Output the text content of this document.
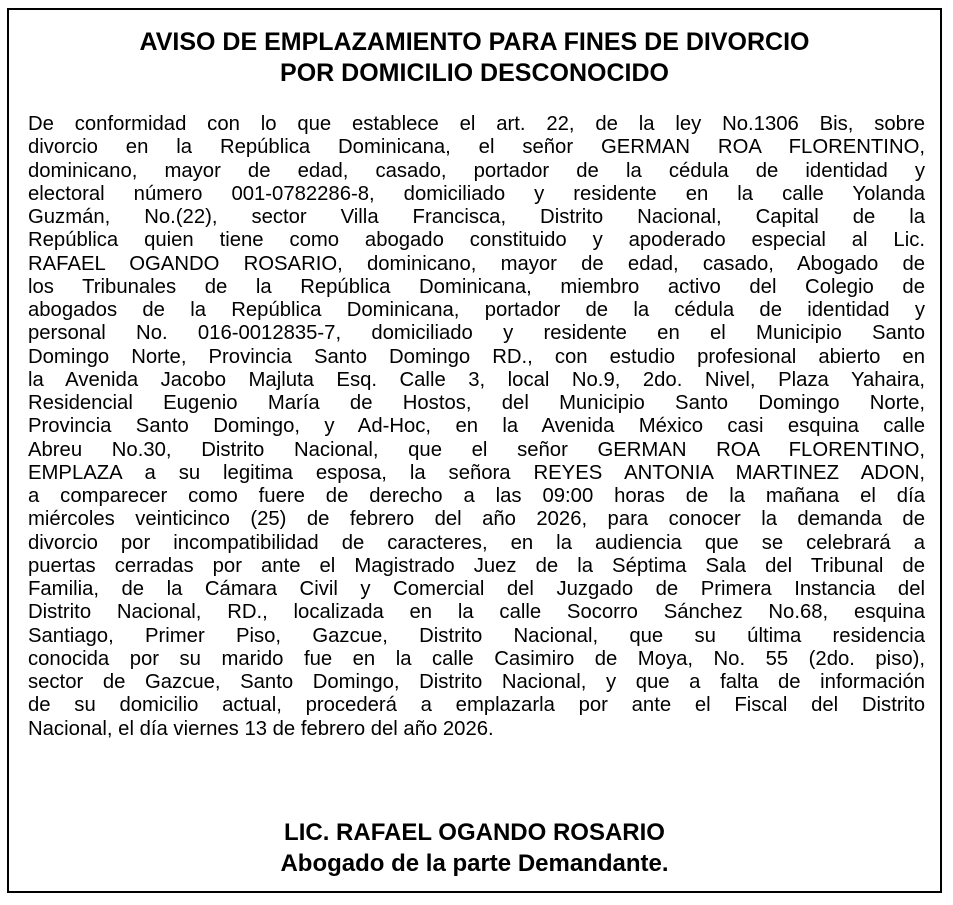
AVISO DE EMPLAZAMIENTO PARA FINES DE DIVORCIO
POR DOMICILIO DESCONOCIDO
De conformidad con lo que establece el art. 22, de la ley No.1306 Bis, sobre
divorcio en la República Dominicana, el señor GERMAN ROA FLORENTINO,
dominicano, mayor de edad, casado, portador de la cédula de identidad y
electoral número 001-0782286-8, domiciliado y residente en la calle Yolanda
Guzmán, No.(22), sector Villa Francisca, Distrito Nacional, Capital de la
República quien tiene como abogado constituido y apoderado especial al Lic.
RAFAEL OGANDO ROSARIO, dominicano, mayor de edad, casado, Abogado de
los Tribunales de la República Dominicana, miembro activo del Colegio de
abogados de la República Dominicana, portador de la cédula de identidad y
personal No. 016-0012835-7, domiciliado y residente en el Municipio Santo
Domingo Norte, Provincia Santo Domingo RD., con estudio profesional abierto en
la Avenida Jacobo Majluta Esq. Calle 3, local No.9, 2do. Nivel, Plaza Yahaira,
Residencial Eugenio María de Hostos, del Municipio Santo Domingo Norte,
Provincia Santo Domingo, y Ad-Hoc, en la Avenida México casi esquina calle
Abreu No.30, Distrito Nacional, que el señor GERMAN ROA FLORENTINO,
EMPLAZA a su legitima esposa, la señora REYES ANTONIA MARTINEZ ADON,
a comparecer como fuere de derecho a las 09:00 horas de la mañana el día
miércoles veinticinco (25) de febrero del año 2026, para conocer la demanda de
divorcio por incompatibilidad de caracteres, en la audiencia que se celebrará a
puertas cerradas por ante el Magistrado Juez de la Séptima Sala del Tribunal de
Familia, de la Cámara Civil y Comercial del Juzgado de Primera Instancia del
Distrito Nacional, RD., localizada en la calle Socorro Sánchez No.68, esquina
Santiago, Primer Piso, Gazcue, Distrito Nacional, que su última residencia
conocida por su marido fue en la calle Casimiro de Moya, No. 55 (2do. piso),
sector de Gazcue, Santo Domingo, Distrito Nacional, y que a falta de información
de su domicilio actual, procederá a emplazarla por ante el Fiscal del Distrito
Nacional, el día viernes 13 de febrero del año 2026.

LIC. RAFAEL OGANDO ROSARIO

Abogado de la parte Demandante.
